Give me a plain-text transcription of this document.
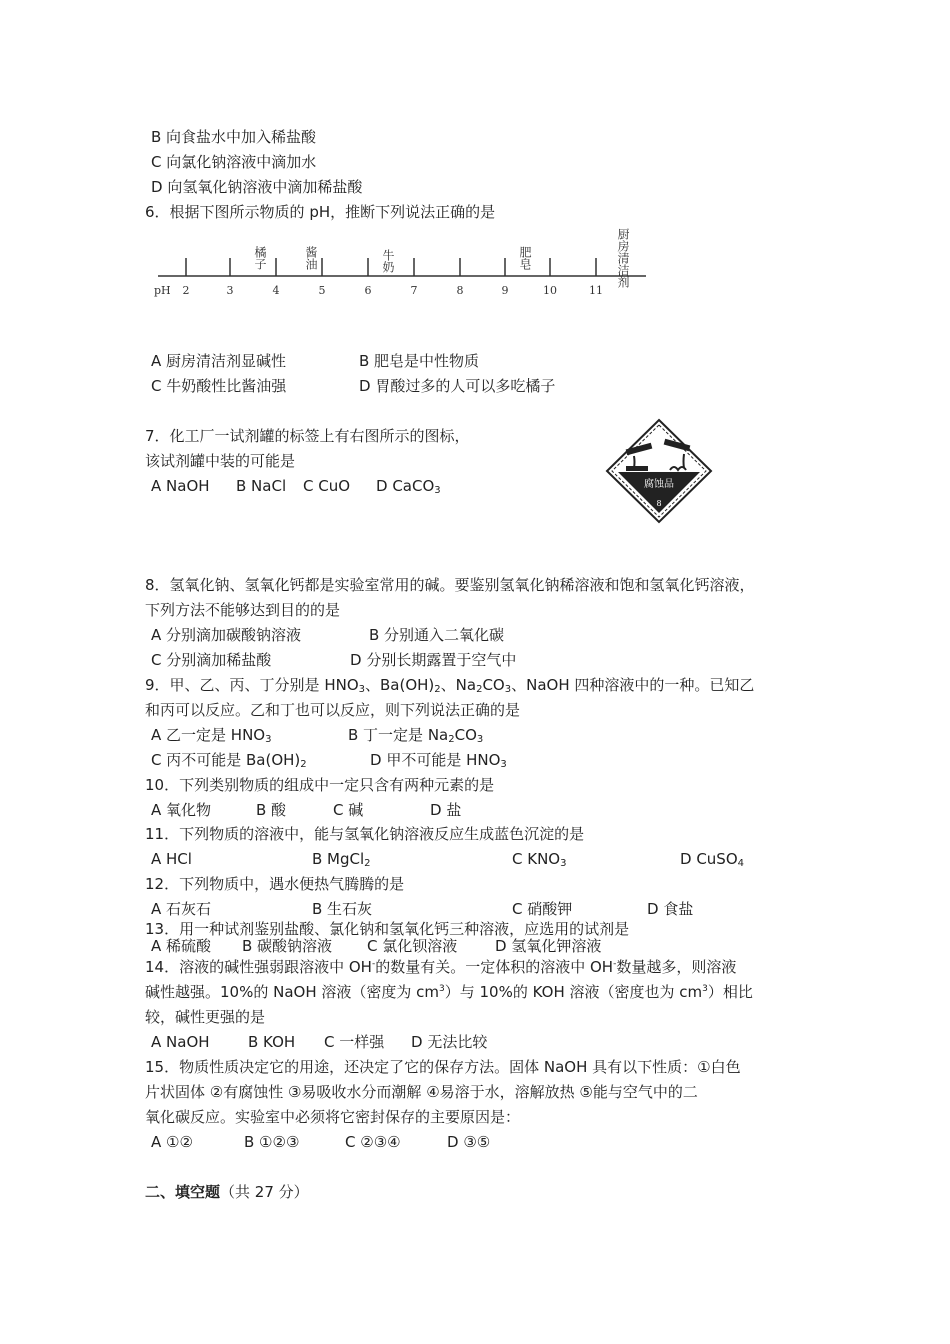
B 向食盐水中加入稀盐酸
C 向氯化钠溶液中滴加水
D 向氢氧化钠溶液中滴加稀盐酸
6．根据下图所示物质的 pH，推断下列说法正确的是
pH 2	3	4	5	6	7	8	9	10	11
橘子	酱油	牛奶	肥皂	厨房清洁剂
A 厨房清洁剂显碱性	B 肥皂是中性物质
C 牛奶酸性比酱油强	D 胃酸过多的人可以多吃橘子
7．化工厂一试剂罐的标签上有右图所示的图标，
该试剂罐中装的可能是
A NaOH B NaCl C CuO D CaCO$_3$
腐蚀品
8
8．氢氧化钠、氢氧化钙都是实验室常用的碱。要鉴别氢氧化钠稀溶液和饱和氢氧化钙溶液，
下列方法不能够达到目的的是
A 分别滴加碳酸钠溶液	B 分别通入二氧化碳
C 分别滴加稀盐酸	D 分别长期露置于空气中
9．甲、乙、丙、丁分别是 $HNO_3$、$Ba(OH)_2$、$Na_2CO_3$、NaOH 四种溶液中的一种。已知乙
和丙可以反应。乙和丁也可以反应，则下列说法正确的是
A 乙一定是 $HNO_3$	B 丁一定是 $Na_2CO_3$
C 丙不可能是 $Ba(OH)_2$	D 甲不可能是 $HNO_3$
10．下列类别物质的组成中一定只含有两种元素的是
A 氧化物	B 酸	C 碱	D 盐
11．下列物质的溶液中，能与氢氧化钠溶液反应生成蓝色沉淀的是
A HCl	B MgCl$_2$	C $KNO_3$	D CuSO$_4$
12．下列物质中，遇水便热气腾腾的是
A 石灰石	B 生石灰	C 硝酸钾	D 食盐
13．用一种试剂鉴别盐酸、氯化钠和氢氧化钙三种溶液，应选用的试剂是
A 稀硫酸 B 碳酸钠溶液 C 氯化钡溶液	D 氢氧化钾溶液
14．溶液的碱性强弱跟溶液中 OH-的数量有关。一定体积的溶液中 OH-数量越多，则溶液
碱性越强。10%的 NaOH 溶液（密度为 $cm^3$）与 10%的 KOH 溶液（密度也为 $cm^3$）相比
较，碱性更强的是
A NaOH	B KOH C 一样强 D 无法比较
15．物质性质决定它的用途，还决定了它的保存方法。固体 NaOH 具有以下性质：①白色
片状固体 ②有腐蚀性 ③易吸收水分而潮解 ④易溶于水，溶解放热 ⑤能与空气中的二
氧化碳反应。实验室中必须将它密封保存的主要原因是：
A ①②	B ①②③	C ②③④	D ③⑤
二、填空题（共 27 分）
